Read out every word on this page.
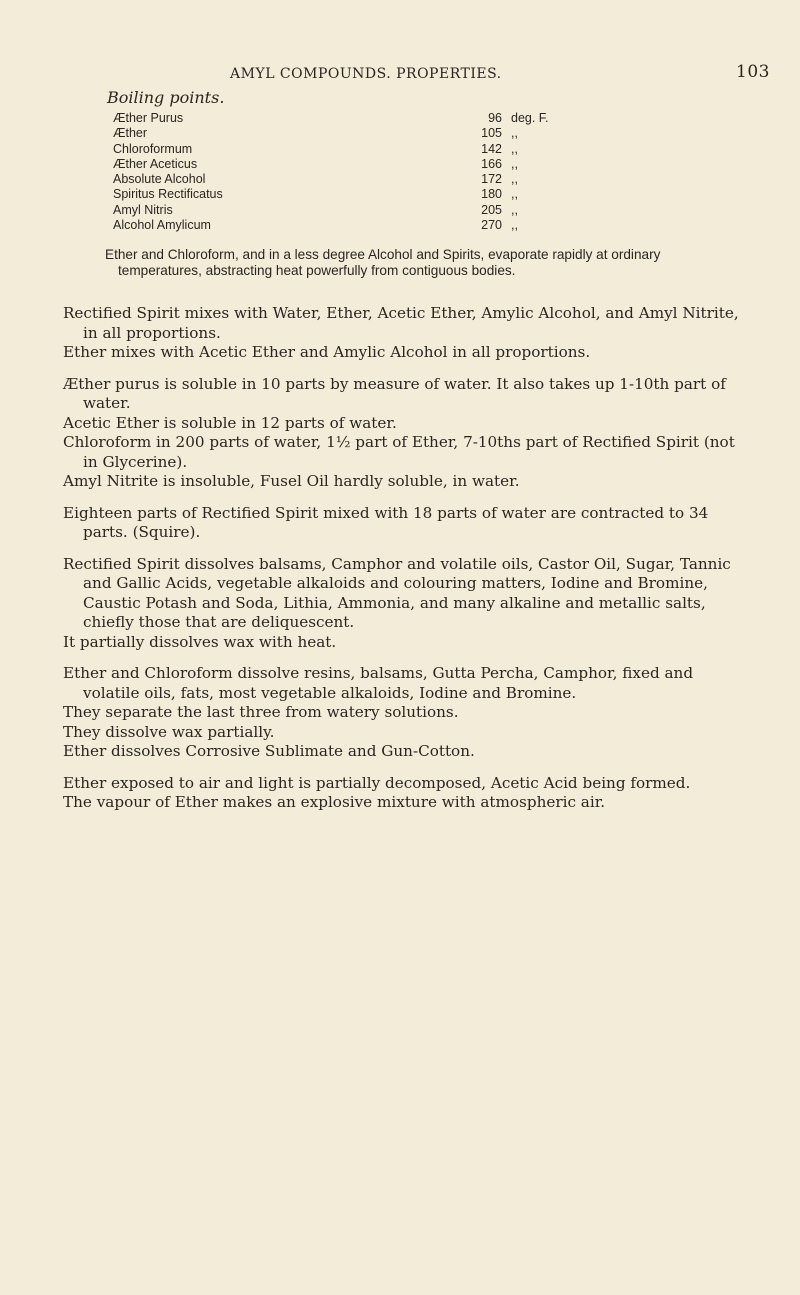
AMYL COMPOUNDS. PROPERTIES.	103
Boiling points.
Æther Purus	96 deg. F.
Æther	105 ,,
Chloroformum	142 ,,
Æther Aceticus	166 ,,
Absolute Alcohol	172 ,,
Spiritus Rectificatus	180 ,,
Amyl Nitris	205 ,,
Alcohol Amylicum	270 ,,

Ether and Chloroform, and in a less degree Alcohol and Spirits, evaporate rapidly at ordinary temperatures, abstracting heat powerfully from contiguous bodies.

Rectified Spirit mixes with Water, Ether, Acetic Ether, Amylic Alcohol, and Amyl Nitrite, in all proportions.

Ether mixes with Acetic Ether and Amylic Alcohol in all proportions.

Æther purus is soluble in 10 parts by measure of water. It also takes up 1-10th part of water.

Acetic Ether is soluble in 12 parts of water.

Chloroform in 200 parts of water, 1½ part of Ether, 7-10ths part of Rectified Spirit (not in Glycerine).

Amyl Nitrite is insoluble, Fusel Oil hardly soluble, in water.

Eighteen parts of Rectified Spirit mixed with 18 parts of water are contracted to 34 parts. (Squire).

Rectified Spirit dissolves balsams, Camphor and volatile oils, Castor Oil, Sugar, Tannic and Gallic Acids, vegetable alkaloids and colouring matters, Iodine and Bromine, Caustic Potash and Soda, Lithia, Ammonia, and many alkaline and metallic salts, chiefly those that are deliquescent.

It partially dissolves wax with heat.

Ether and Chloroform dissolve resins, balsams, Gutta Percha, Camphor, fixed and volatile oils, fats, most vegetable alkaloids, Iodine and Bromine.

They separate the last three from watery solutions.

They dissolve wax partially.

Ether dissolves Corrosive Sublimate and Gun-Cotton.

Ether exposed to air and light is partially decomposed, Acetic Acid being formed.

The vapour of Ether makes an explosive mixture with atmospheric air.
